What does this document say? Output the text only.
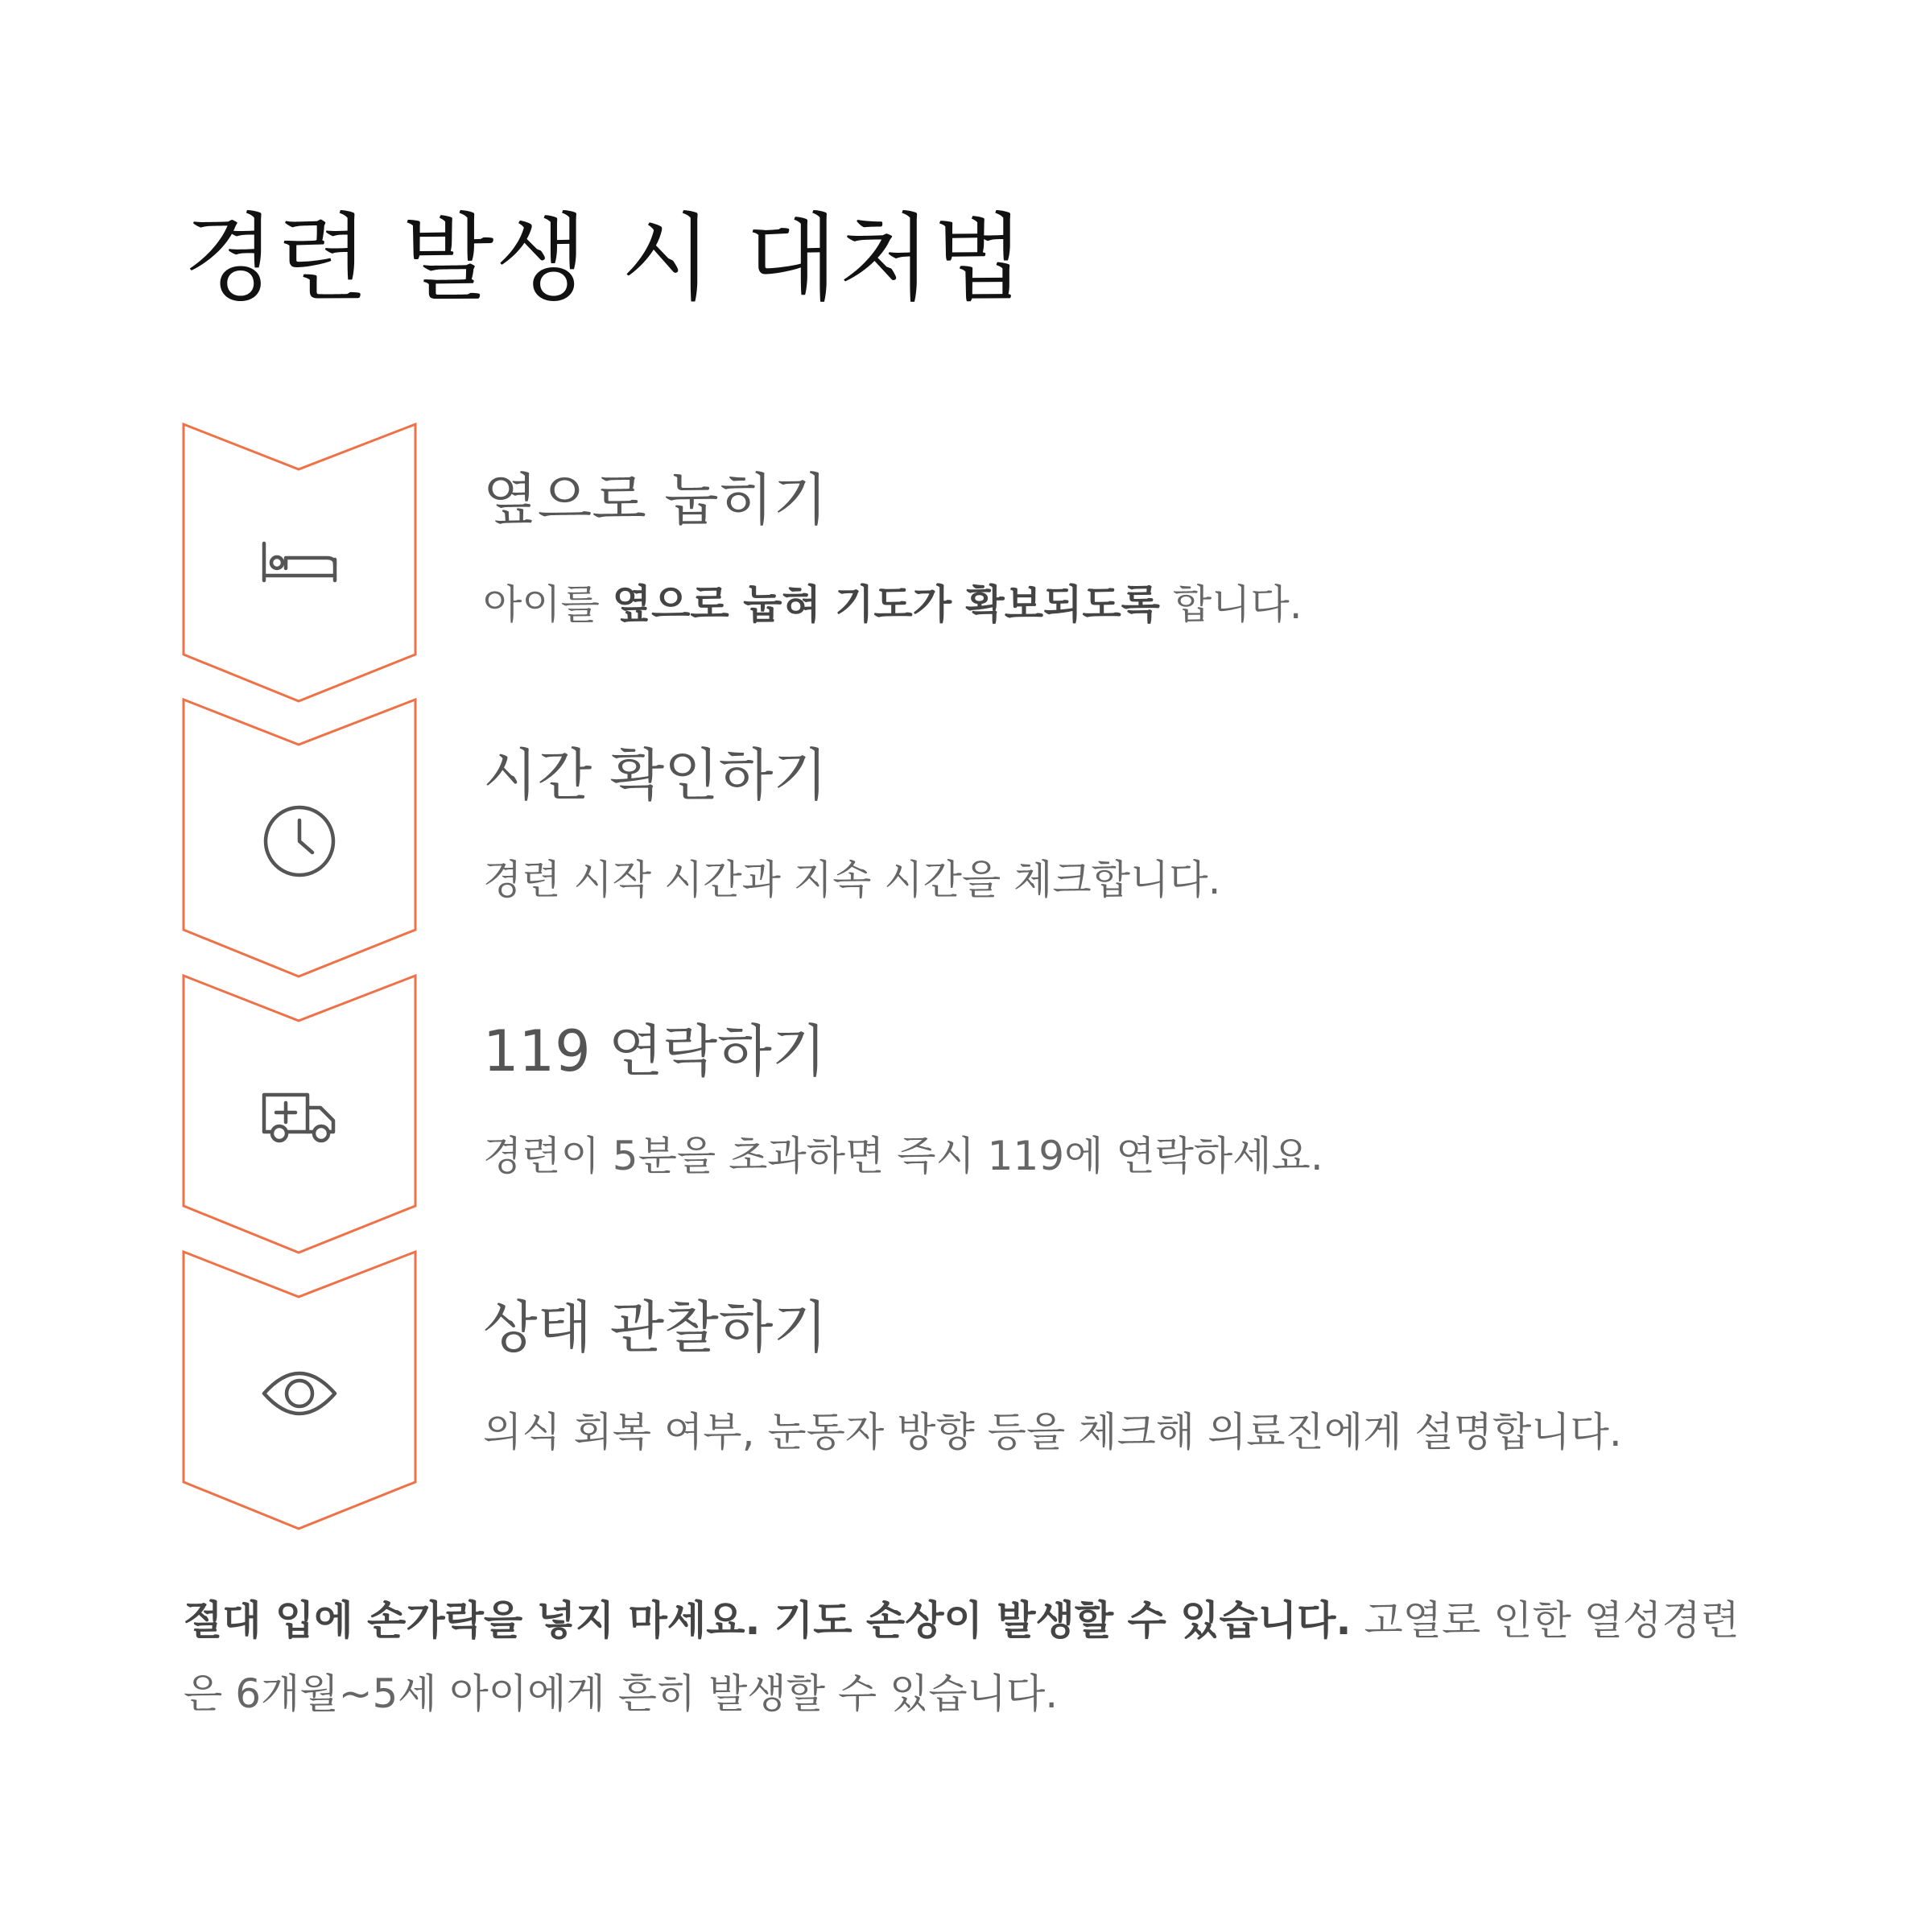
경련 발생 시 대처법
옆으로 눕히기

아이를 옆으로 눕혀 기도가 확보되도록 합니다.

시간 확인하기

경련 시작 시간과 지속 시간을 체크합니다.

119 연락하기

경련이 5분을 초과하면 즉시 119에 연락하세요.

상태 관찰하기

의식 회복 여부, 눈동자 방향 등을 체크해 의료진에게 설명합니다.

절대 입에 손가락을 넣지 마세요. 기도 손상이 발생할 수 있습니다. 고열로 인한 열성경련은 6개월~5세 아이에게 흔히 발생할 수 있습니다.
